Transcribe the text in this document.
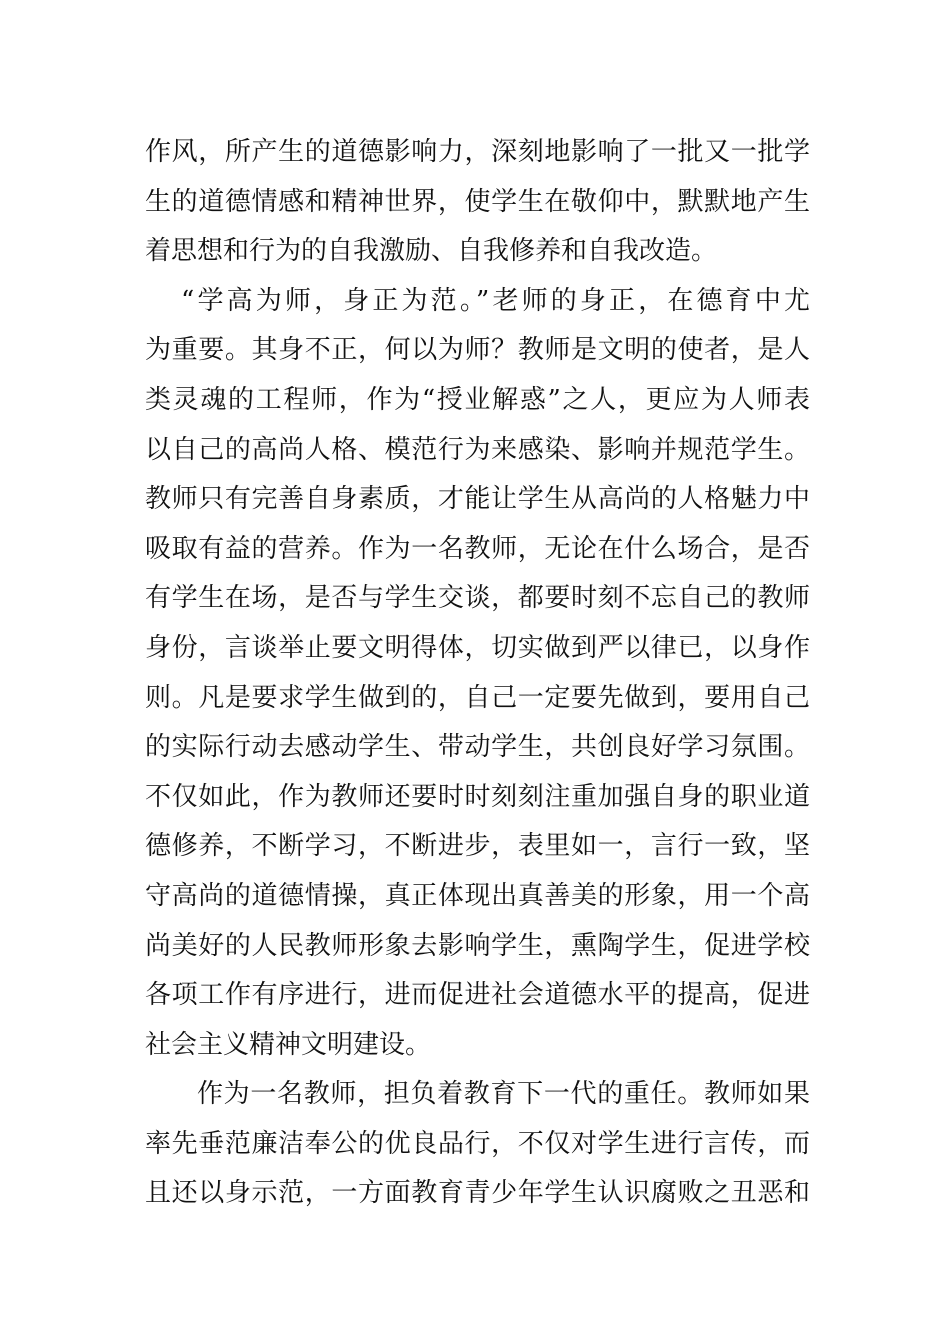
作风，所产生的道德影响力，深刻地影响了一批又一批学
生的道德情感和精神世界，使学生在敬仰中，默默地产生
着思想和行为的自我激励、自我修养和自我改造。
“学高为师，身正为范。”老师的身正，在德育中尤
为重要。其身不正，何以为师？教师是文明的使者，是人
类灵魂的工程师，作为“授业解惑”之人，更应为人师表
以自己的高尚人格、模范行为来感染、影响并规范学生。
教师只有完善自身素质，才能让学生从高尚的人格魅力中
吸取有益的营养。作为一名教师，无论在什么场合，是否
有学生在场，是否与学生交谈，都要时刻不忘自己的教师
身份，言谈举止要文明得体，切实做到严以律已，以身作
则。凡是要求学生做到的，自己一定要先做到，要用自己
的实际行动去感动学生、带动学生，共创良好学习氛围。
不仅如此，作为教师还要时时刻刻注重加强自身的职业道
德修养，不断学习，不断进步，表里如一，言行一致，坚
守高尚的道德情操，真正体现出真善美的形象，用一个高
尚美好的人民教师形象去影响学生，熏陶学生，促进学校
各项工作有序进行，进而促进社会道德水平的提高，促进
社会主义精神文明建设。
作为一名教师，担负着教育下一代的重任。教师如果
率先垂范廉洁奉公的优良品行，不仅对学生进行言传，而
且还以身示范，一方面教育青少年学生认识腐败之丑恶和
